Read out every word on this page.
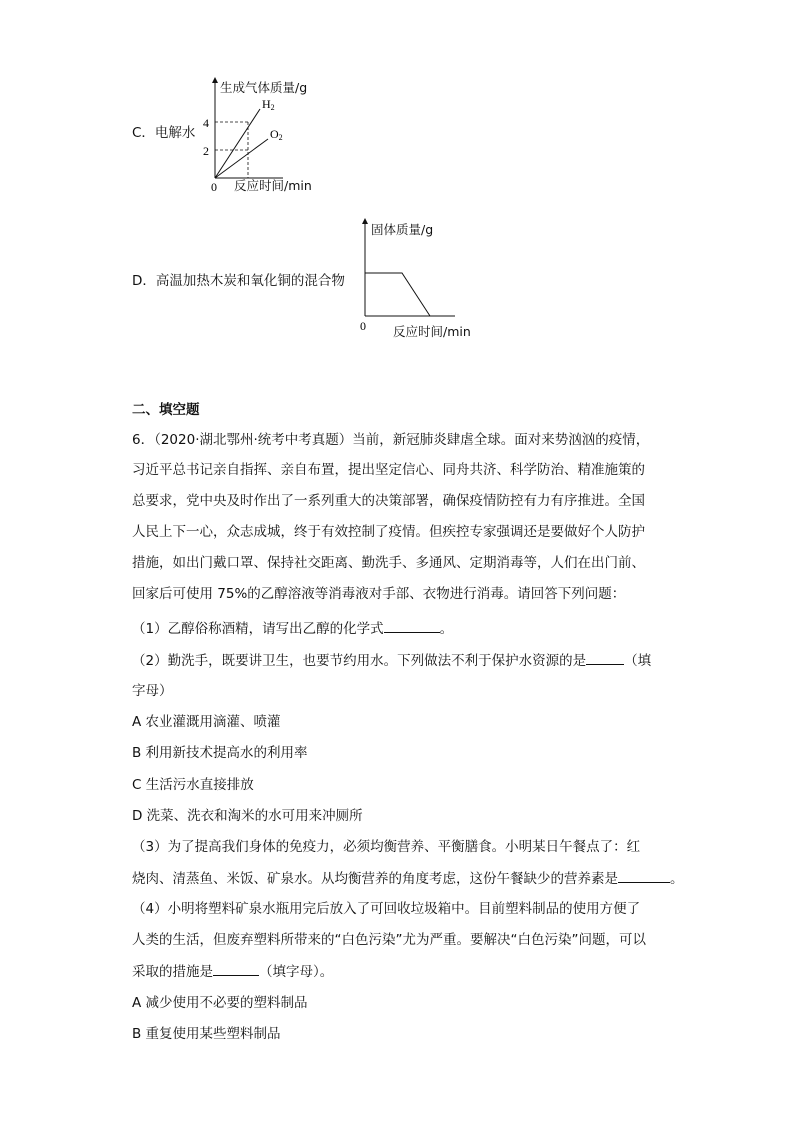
C．电解水
4
2
0
H2
O2
生成气体质量/g
反应时间/min
D．高温加热木炭和氧化铜的混合物
0
固体质量/g
反应时间/min
二、填空题
6．（2020·湖北鄂州·统考中考真题）当前，新冠肺炎肆虐全球。面对来势汹汹的疫情，
习近平总书记亲自指挥、亲自布置，提出坚定信心、同舟共济、科学防治、精准施策的
总要求，党中央及时作出了一系列重大的决策部署，确保疫情防控有力有序推进。全国
人民上下一心，众志成城，终于有效控制了疫情。但疾控专家强调还是要做好个人防护
措施，如出门戴口罩、保持社交距离、勤洗手、多通风、定期消毒等，人们在出门前、
回家后可使用 75%的乙醇溶液等消毒液对手部、衣物进行消毒。请回答下列问题：
（1）乙醇俗称酒精，请写出乙醇的化学式	。
（2）勤洗手，既要讲卫生，也要节约用水。下列做法不利于保护水资源的是	（填
字母）
A 农业灌溉用滴灌、喷灌
B 利用新技术提高水的利用率
C 生活污水直接排放
D 洗菜、洗衣和淘米的水可用来冲厕所
（3）为了提高我们身体的免疫力，必须均衡营养、平衡膳食。小明某日午餐点了：红
烧肉、清蒸鱼、米饭、矿泉水。从均衡营养的角度考虑，这份午餐缺少的营养素是	。
（4）小明将塑料矿泉水瓶用完后放入了可回收垃圾箱中。目前塑料制品的使用方便了
人类的生活，但废弃塑料所带来的“白色污染”尤为严重。要解决“白色污染”问题，可以
采取的措施是	（填字母）。
A 减少使用不必要的塑料制品
B 重复使用某些塑料制品
